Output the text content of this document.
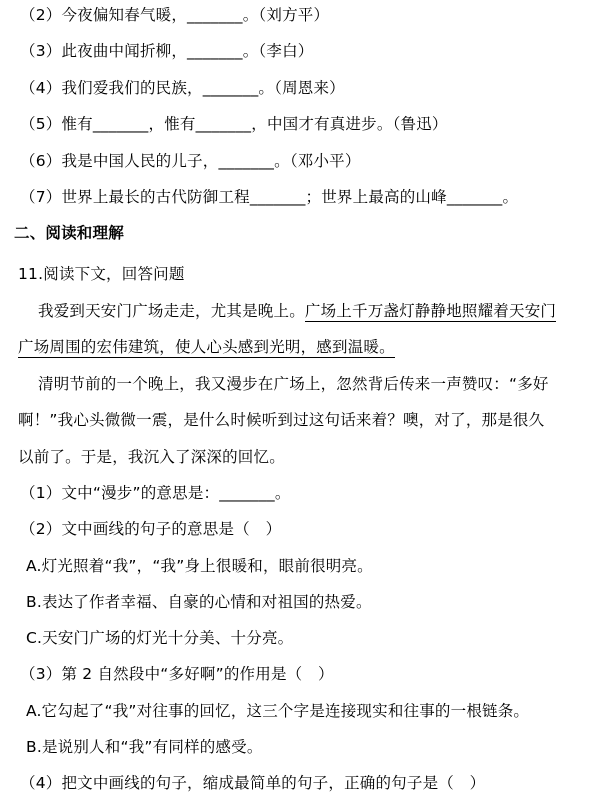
（2）今夜偏知春气暖，_______。（刘方平）
（3）此夜曲中闻折柳，_______。（李白）
（4）我们爱我们的民族，_______。（周恩来）
（5）惟有_______，惟有_______，中国才有真进步。（鲁迅）
（6）我是中国人民的儿子，_______。（邓小平）
（7）世界上最长的古代防御工程_______；世界上最高的山峰_______。
二、阅读和理解
11.阅读下文，回答问题
我爱到天安门广场走走，尤其是晚上。广场上千万盏灯静静地照耀着天安门
广场周围的宏伟建筑，使人心头感到光明，感到温暖。
清明节前的一个晚上，我又漫步在广场上，忽然背后传来一声赞叹：“多好
啊！”我心头微微一震，是什么时候听到过这句话来着？噢，对了，那是很久
以前了。于是，我沉入了深深的回忆。
（1）文中“漫步”的意思是：_______。
（2）文中画线的句子的意思是（　）
A.灯光照着“我”，“我”身上很暖和，眼前很明亮。
B.表达了作者幸福、自豪的心情和对祖国的热爱。
C.天安门广场的灯光十分美、十分亮。
（3）第 2 自然段中“多好啊”的作用是（　）
A.它勾起了“我”对往事的回忆，这三个字是连接现实和往事的一根链条。
B.是说别人和“我”有同样的感受。
（4）把文中画线的句子，缩成最简单的句子，正确的句子是（　）
